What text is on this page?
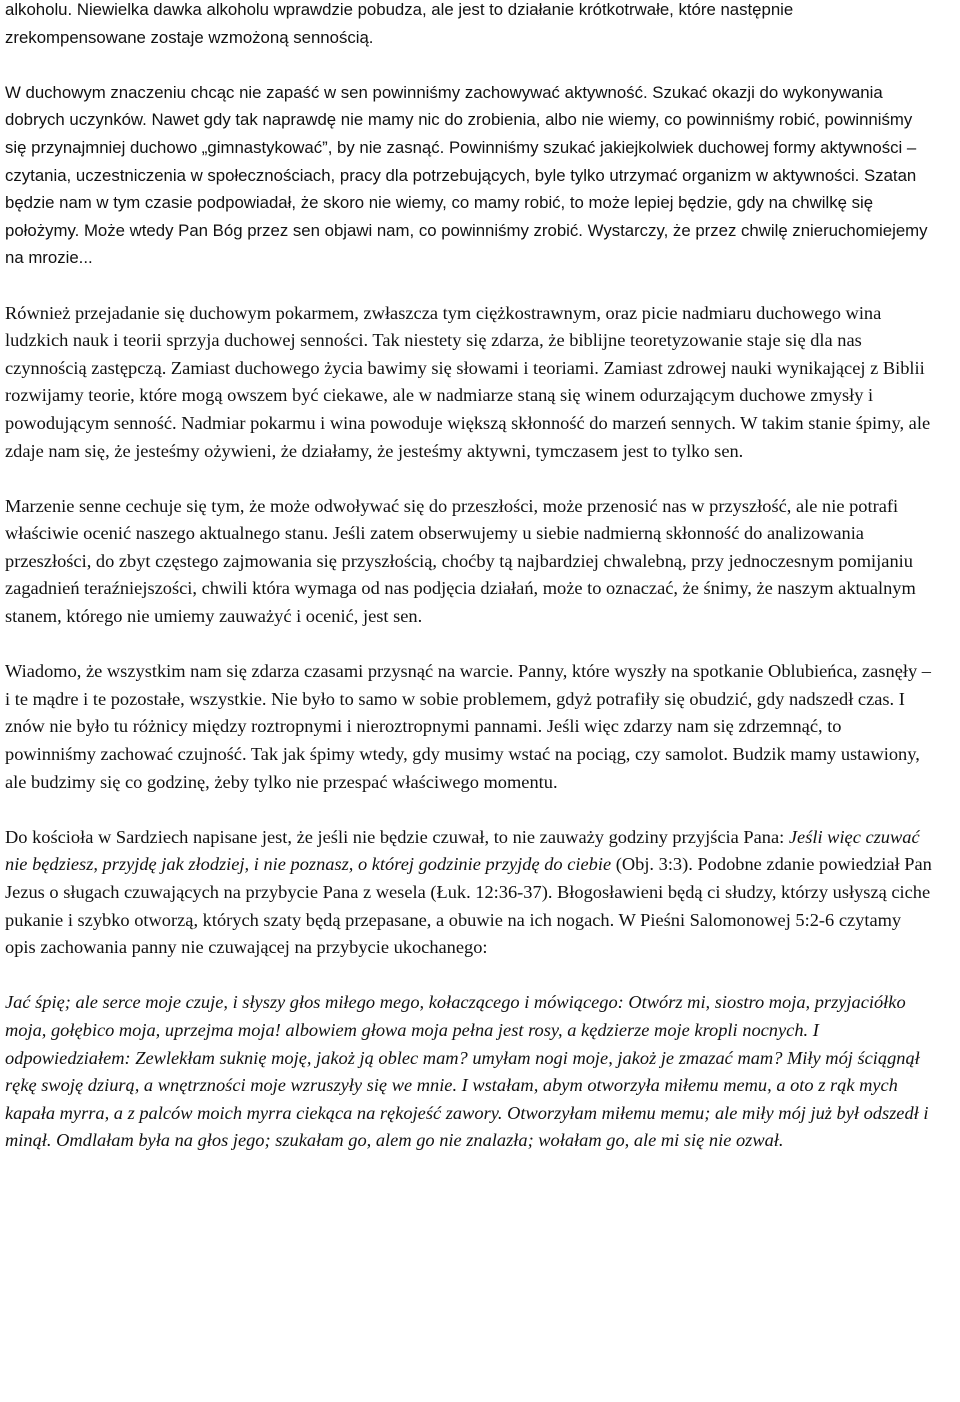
alkoholu. Niewielka dawka alkoholu wprawdzie pobudza, ale jest to działanie krótkotrwałe, które następnie zrekompensowane zostaje wzmożoną sennością.

W duchowym znaczeniu chcąc nie zapaść w sen powinniśmy zachowywać aktywność. Szukać okazji do wykonywania dobrych uczynków. Nawet gdy tak naprawdę nie mamy nic do zrobienia, albo nie wiemy, co powinniśmy robić, powinniśmy się przynajmniej duchowo „gimnastykować”, by nie zasnąć. Powinniśmy szukać jakiejkolwiek duchowej formy aktywności – czytania, uczestniczenia w społecznościach, pracy dla potrzebujących, byle tylko utrzymać organizm w aktywności. Szatan będzie nam w tym czasie podpowiadał, że skoro nie wiemy, co mamy robić, to może lepiej będzie, gdy na chwilkę się położymy. Może wtedy Pan Bóg przez sen objawi nam, co powinniśmy zrobić. Wystarczy, że przez chwilę znieruchomiejemy na mrozie...

Również przejadanie się duchowym pokarmem, zwłaszcza tym ciężkostrawnym, oraz picie nadmiaru duchowego wina ludzkich nauk i teorii sprzyja duchowej senności. Tak niestety się zdarza, że biblijne teoretyzowanie staje się dla nas czynnością zastępczą. Zamiast duchowego życia bawimy się słowami i teoriami. Zamiast zdrowej nauki wynikającej z Biblii rozwijamy teorie, które mogą owszem być ciekawe, ale w nadmiarze staną się winem odurzającym duchowe zmysły i powodującym senność. Nadmiar pokarmu i wina powoduje większą skłonność do marzeń sennych. W takim stanie śpimy, ale zdaje nam się, że jesteśmy ożywieni, że działamy, że jesteśmy aktywni, tymczasem jest to tylko sen.

Marzenie senne cechuje się tym, że może odwoływać się do przeszłości, może przenosić nas w przyszłość, ale nie potrafi właściwie ocenić naszego aktualnego stanu. Jeśli zatem obserwujemy u siebie nadmierną skłonność do analizowania przeszłości, do zbyt częstego zajmowania się przyszłością, choćby tą najbardziej chwalebną, przy jednoczesnym pomijaniu zagadnień teraźniejszości, chwili która wymaga od nas podjęcia działań, może to oznaczać, że śnimy, że naszym aktualnym stanem, którego nie umiemy zauważyć i ocenić, jest sen.

Wiadomo, że wszystkim nam się zdarza czasami przysnąć na warcie. Panny, które wyszły na spotkanie Oblubieńca, zasnęły – i te mądre i te pozostałe, wszystkie. Nie było to samo w sobie problemem, gdyż potrafiły się obudzić, gdy nadszedł czas. I znów nie było tu różnicy między roztropnymi i nieroztropnymi pannami. Jeśli więc zdarzy nam się zdrzemnąć, to powinniśmy zachować czujność. Tak jak śpimy wtedy, gdy musimy wstać na pociąg, czy samolot. Budzik mamy ustawiony, ale budzimy się co godzinę, żeby tylko nie przespać właściwego momentu.

Do kościoła w Sardziech napisane jest, że jeśli nie będzie czuwał, to nie zauważy godziny przyjścia Pana: Jeśli więc czuwać nie będziesz, przyjdę jak złodziej, i nie poznasz, o której godzinie przyjdę do ciebie (Obj. 3:3). Podobne zdanie powiedział Pan Jezus o sługach czuwających na przybycie Pana z wesela (Łuk. 12:36-37). Błogosławieni będą ci słudzy, którzy usłyszą ciche pukanie i szybko otworzą, których szaty będą przepasane, a obuwie na ich nogach. W Pieśni Salomonowej 5:2-6 czytamy opis zachowania panny nie czuwającej na przybycie ukochanego:

Jać śpię; ale serce moje czuje, i słyszy głos miłego mego, kołaczącego i mówiącego: Otwórz mi, siostro moja, przyjaciółko moja, gołębico moja, uprzejma moja! albowiem głowa moja pełna jest rosy, a kędzierze moje kropli nocnych. I odpowiedziałem: Zewlekłam suknię moję, jakoż ją oblec mam? umyłam nogi moje, jakoż je zmazać mam? Miły mój ściągnął rękę swoję dziurą, a wnętrzności moje wzruszyły się we mnie. I wstałam, abym otworzyła miłemu memu, a oto z rąk mych kapała myrra, a z palców moich myrra ciekąca na rękojeść zawory. Otworzyłam miłemu memu; ale miły mój już był odszedł i minął. Omdlałam była na głos jego; szukałam go, alem go nie znalazła; wołałam go, ale mi się nie ozwał.
